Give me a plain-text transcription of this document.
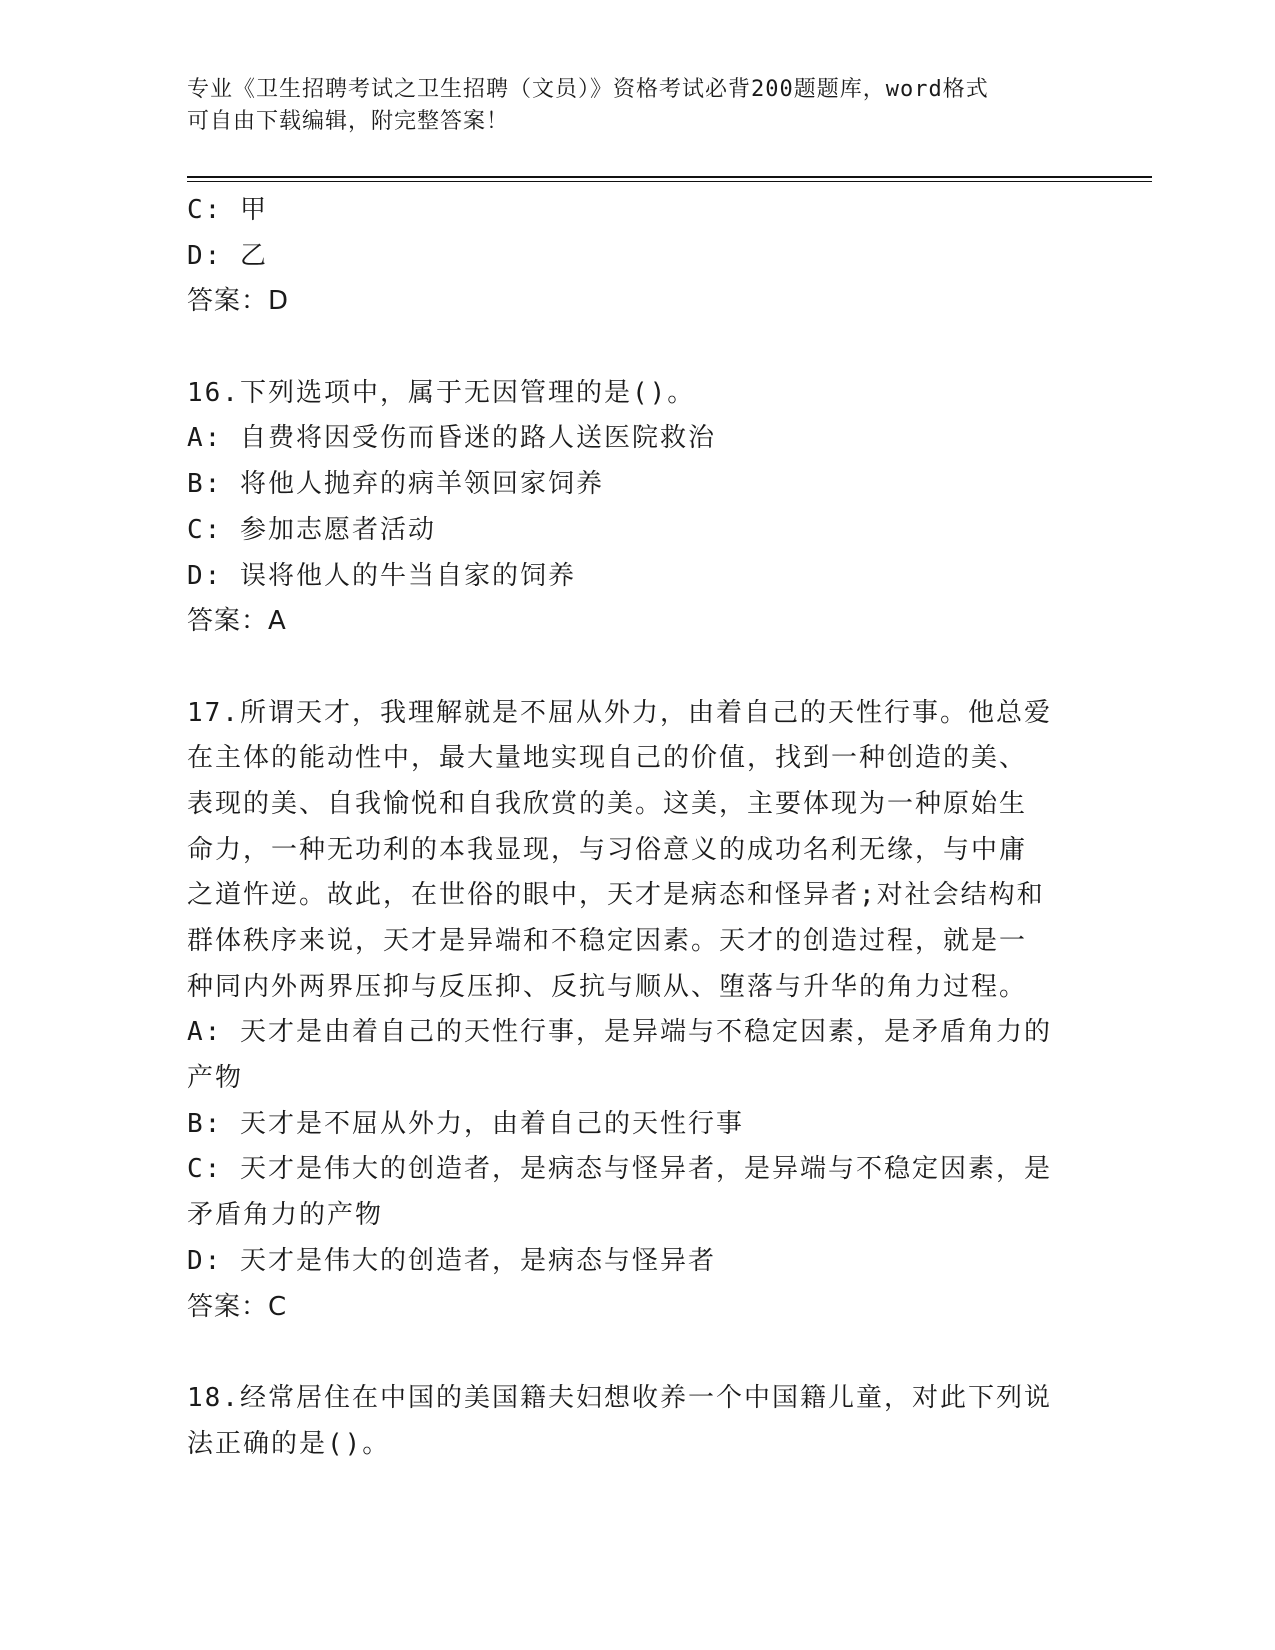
专业《卫生招聘考试之卫生招聘（文员）》资格考试必背200题题库，word格式
可自由下载编辑，附完整答案！
C: 甲
D: 乙
答案：D
16.下列选项中，属于无因管理的是()。
A: 自费将因受伤而昏迷的路人送医院救治
B: 将他人抛弃的病羊领回家饲养
C: 参加志愿者活动
D: 误将他人的牛当自家的饲养
答案：A
17.所谓天才，我理解就是不屈从外力，由着自己的天性行事。他总爱
在主体的能动性中，最大量地实现自己的价值，找到一种创造的美、
表现的美、自我愉悦和自我欣赏的美。这美，主要体现为一种原始生
命力，一种无功利的本我显现，与习俗意义的成功名利无缘，与中庸
之道忤逆。故此，在世俗的眼中，天才是病态和怪异者;对社会结构和
群体秩序来说，天才是异端和不稳定因素。天才的创造过程，就是一
种同内外两界压抑与反压抑、反抗与顺从、堕落与升华的角力过程。
A: 天才是由着自己的天性行事，是异端与不稳定因素，是矛盾角力的
产物
B: 天才是不屈从外力，由着自己的天性行事
C: 天才是伟大的创造者，是病态与怪异者，是异端与不稳定因素，是
矛盾角力的产物
D: 天才是伟大的创造者，是病态与怪异者
答案：C
18.经常居住在中国的美国籍夫妇想收养一个中国籍儿童，对此下列说
法正确的是()。
